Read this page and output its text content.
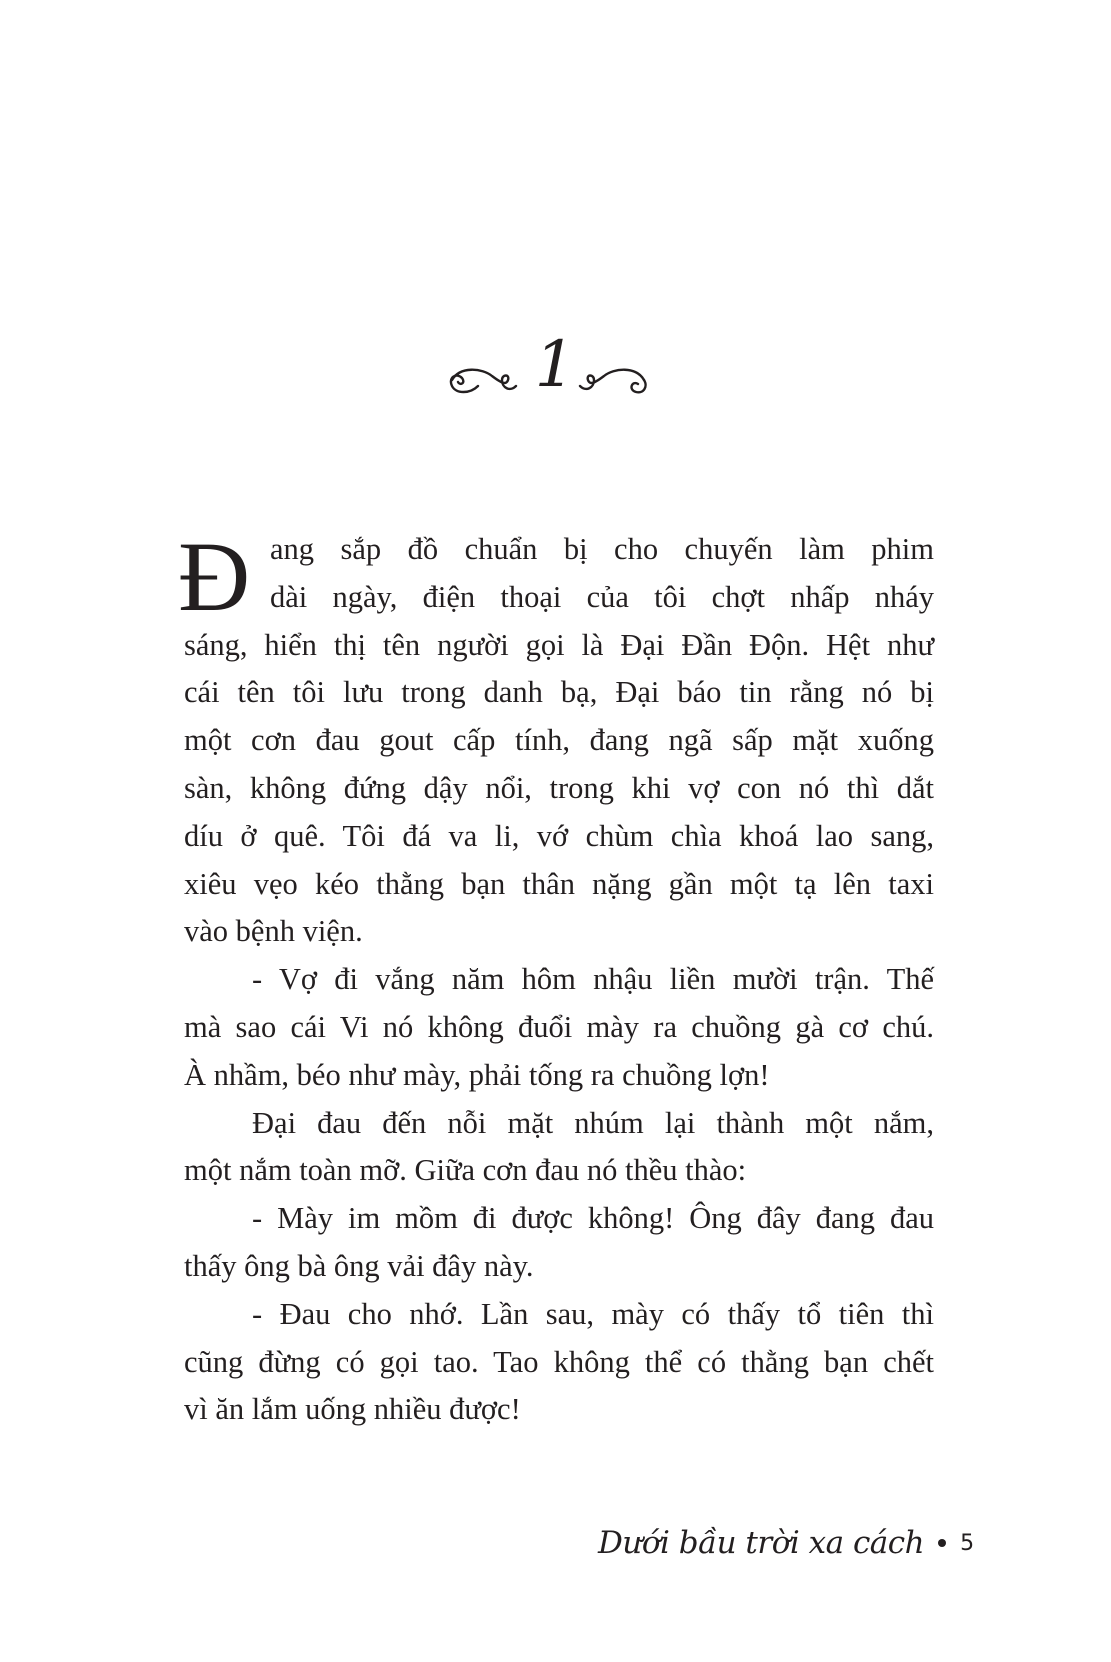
1
Đ ang sắp đồ chuẩn bị cho chuyến làm phim
dài ngày, điện thoại của tôi chợt nhấp nháy
sáng, hiển thị tên người gọi là Đại Đần Độn. Hệt như
cái tên tôi lưu trong danh bạ, Đại báo tin rằng nó bị
một cơn đau gout cấp tính, đang ngã sấp mặt xuống
sàn, không đứng dậy nổi, trong khi vợ con nó thì dắt
díu ở quê. Tôi đá va li, vớ chùm chìa khoá lao sang,
xiêu vẹo kéo thằng bạn thân nặng gần một tạ lên taxi
vào bệnh viện.
- Vợ đi vắng năm hôm nhậu liền mười trận. Thế
mà sao cái Vi nó không đuổi mày ra chuồng gà cơ chú.
À nhầm, béo như mày, phải tống ra chuồng lợn!
Đại đau đến nỗi mặt nhúm lại thành một nắm,
một nắm toàn mỡ. Giữa cơn đau nó thều thào:
- Mày im mồm đi được không! Ông đây đang đau
thấy ông bà ông vải đây này.
- Đau cho nhớ. Lần sau, mày có thấy tổ tiên thì
cũng đừng có gọi tao. Tao không thể có thằng bạn chết
vì ăn lắm uống nhiều được!
Dưới bầu trời xa cách 5
